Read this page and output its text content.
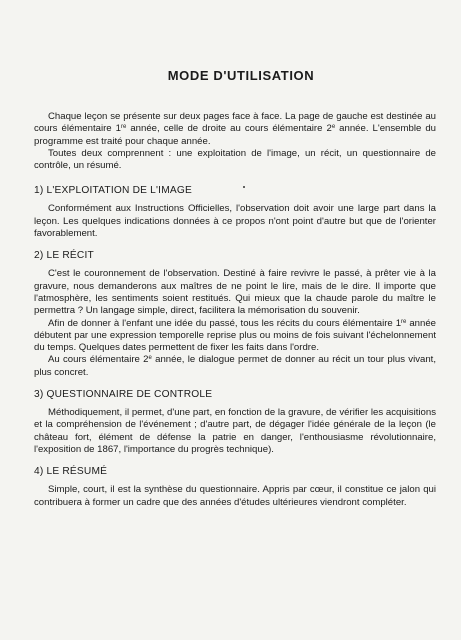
MODE D'UTILISATION

Chaque leçon se présente sur deux pages face à face. La page de gauche est destinée au cours élémentaire 1re année, celle de droite au cours élémentaire 2e année. L'ensemble du programme est traité pour chaque année.

Toutes deux comprennent : une exploitation de l'image, un récit, un questionnaire de contrôle, un résumé.

1) L'EXPLOITATION DE L'IMAGE

Conformément aux Instructions Officielles, l'observation doit avoir une large part dans la leçon. Les quelques indications données à ce propos n'ont point d'autre but que de l'orienter favorablement.

2) LE RÉCIT

C'est le couronnement de l'observation. Destiné à faire revivre le passé, à prêter vie à la gravure, nous demanderons aux maîtres de ne point le lire, mais de le dire. Il importe que l'atmosphère, les sentiments soient restitués. Qui mieux que la chaude parole du maître le permettra ? Un langage simple, direct, facilitera la mémorisation du souvenir.

Afin de donner à l'enfant une idée du passé, tous les récits du cours élémentaire 1re année débutent par une expression temporelle reprise plus ou moins de fois suivant l'échelonnement du temps. Quelques dates permettent de fixer les faits dans l'ordre.

Au cours élémentaire 2e année, le dialogue permet de donner au récit un tour plus vivant, plus concret.

3) QUESTIONNAIRE DE CONTROLE

Méthodiquement, il permet, d'une part, en fonction de la gravure, de vérifier les acquisitions et la compréhension de l'événement ; d'autre part, de dégager l'idée générale de la leçon (le château fort, élément de défense la patrie en danger, l'enthousiasme révolutionnaire, l'exposition de 1867, l'importance du progrès technique).

4) LE RÉSUMÉ

Simple, court, il est la synthèse du questionnaire. Appris par cœur, il constitue ce jalon qui contribuera à former un cadre que des années d'études ultérieures viendront compléter.
